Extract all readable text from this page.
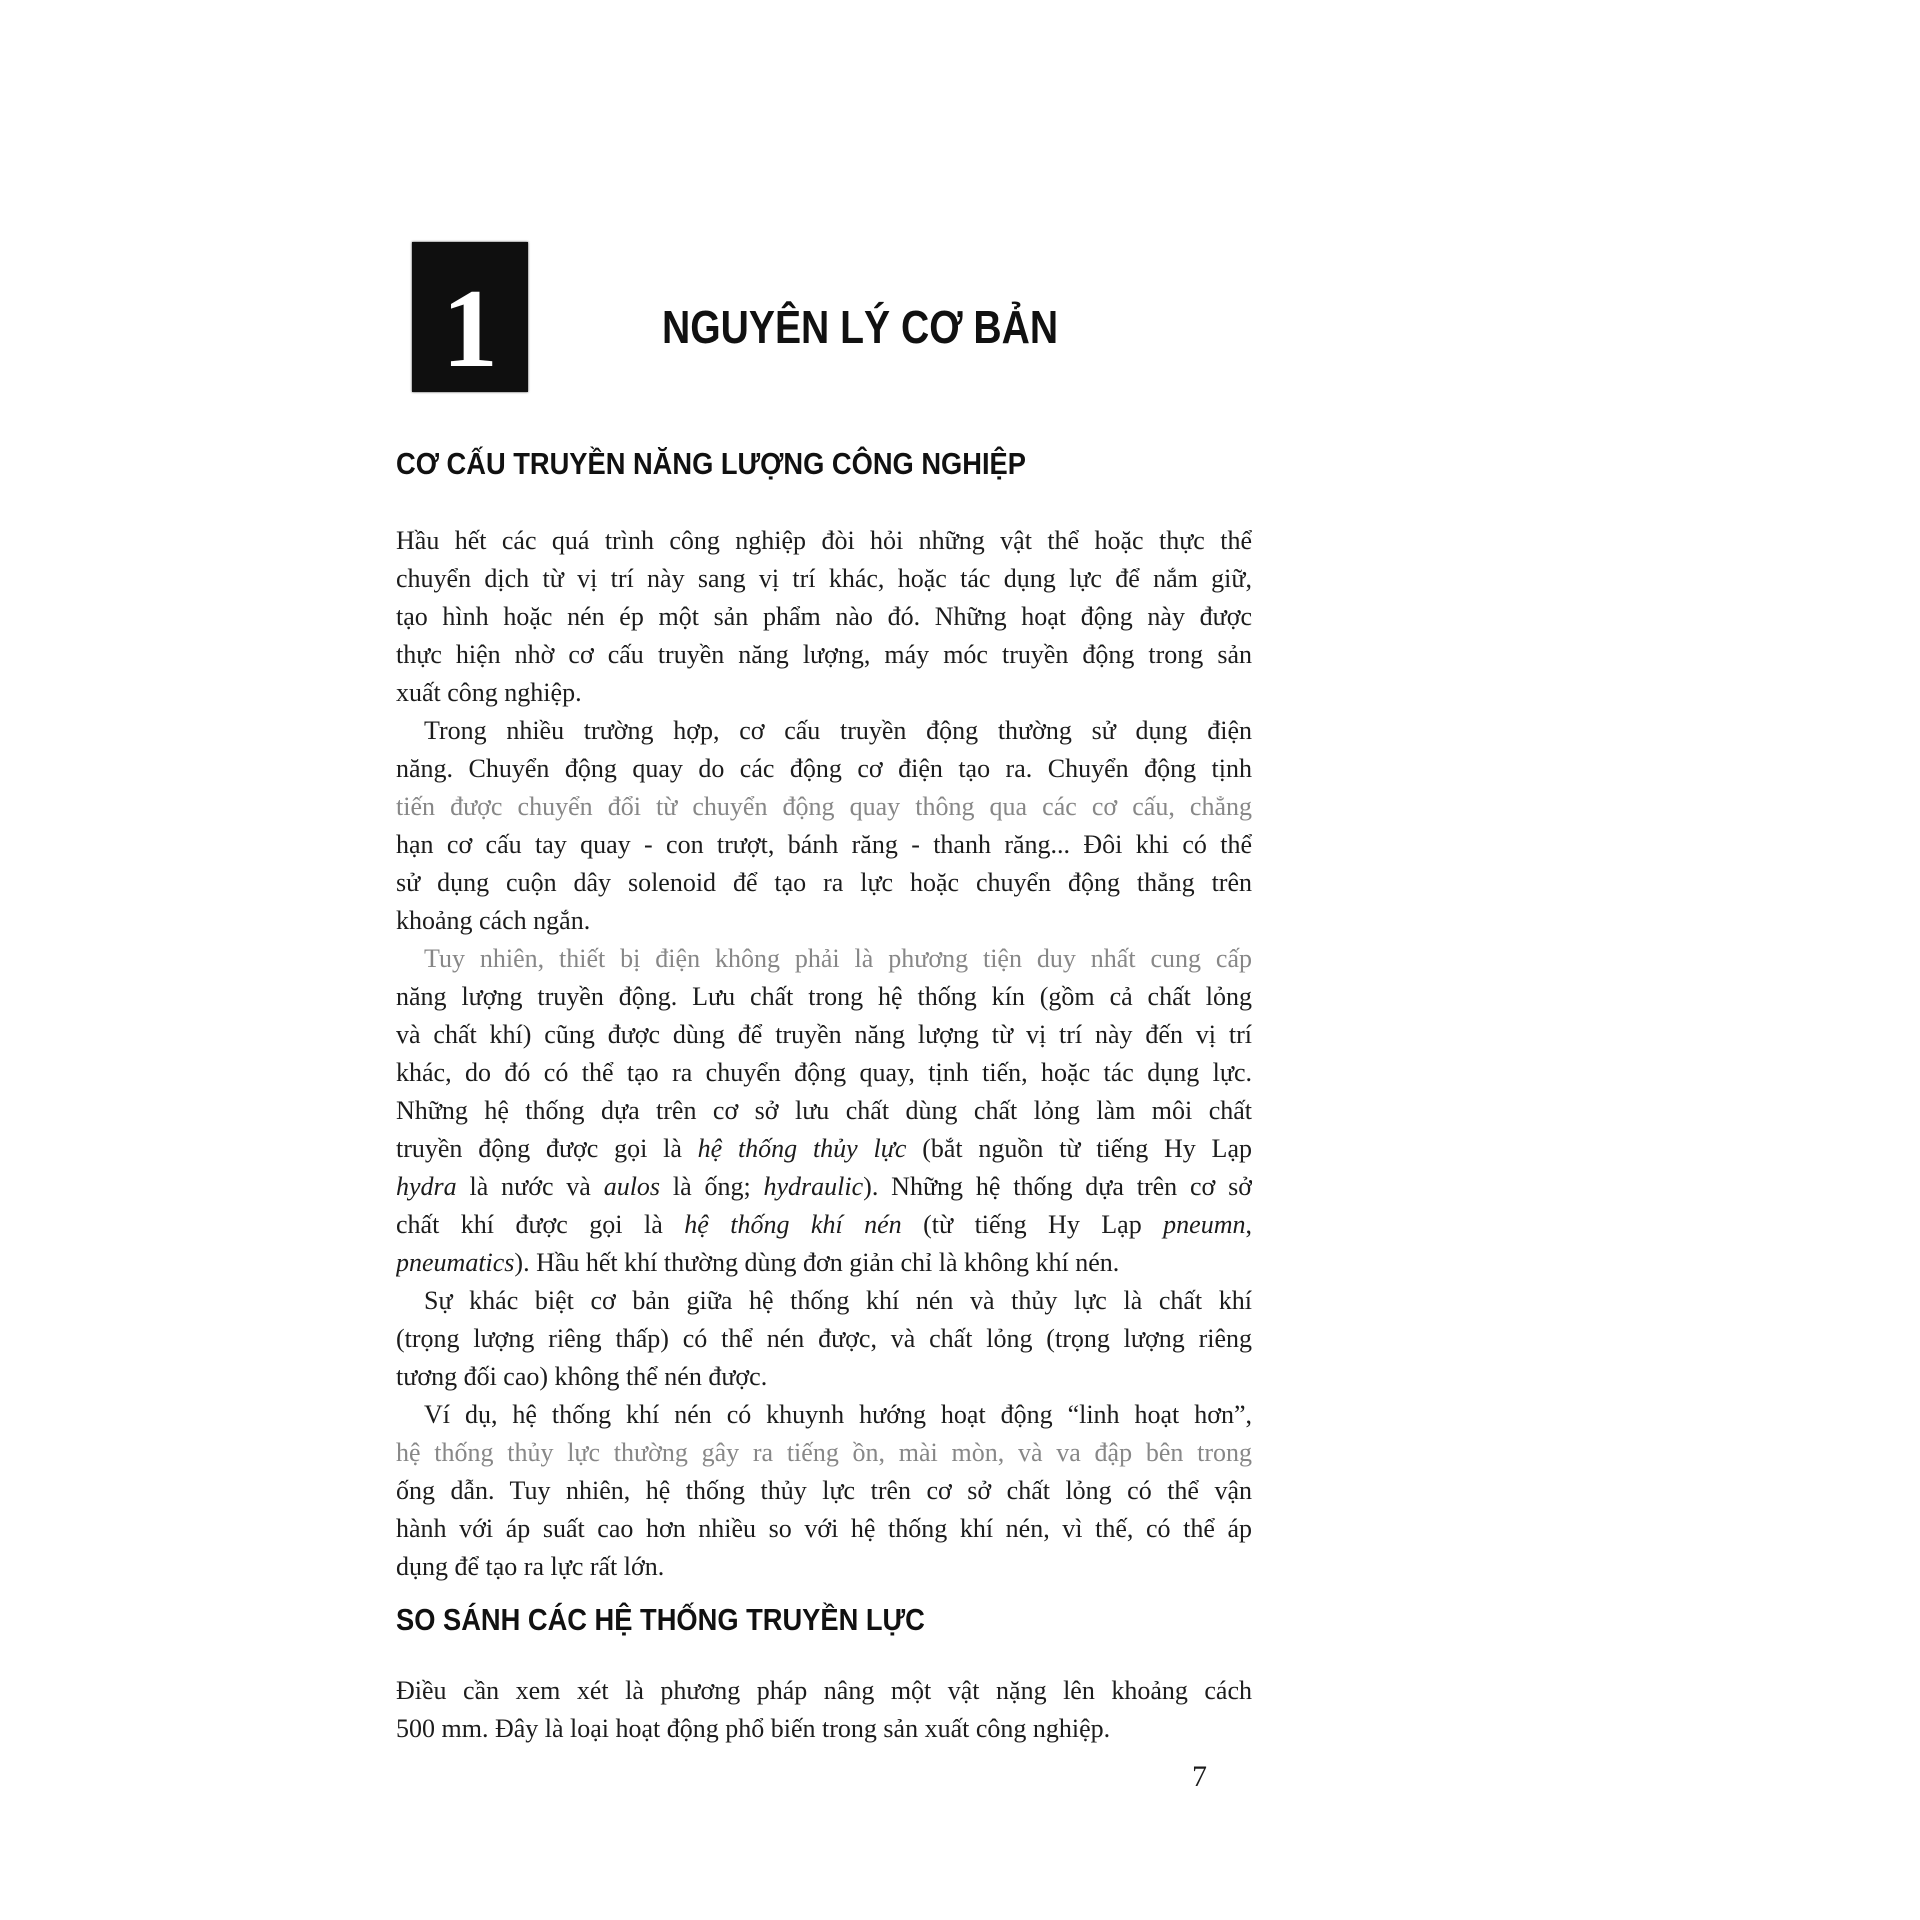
1	NGUYÊN LÝ CƠ BẢN
CƠ CẤU TRUYỀN NĂNG LƯỢNG CÔNG NGHIỆP
Hầu hết các quá trình công nghiệp đòi hỏi những vật thể hoặc thực thể
chuyển dịch từ vị trí này sang vị trí khác, hoặc tác dụng lực để nắm giữ,
tạo hình hoặc nén ép một sản phẩm nào đó. Những hoạt động này được
thực hiện nhờ cơ cấu truyền năng lượng, máy móc truyền động trong sản
xuất công nghiệp.
Trong nhiều trường hợp, cơ cấu truyền động thường sử dụng điện
năng. Chuyển động quay do các động cơ điện tạo ra. Chuyển động tịnh
tiến được chuyển đổi từ chuyển động quay thông qua các cơ cấu, chẳng
hạn cơ cấu tay quay - con trượt, bánh răng - thanh răng... Đôi khi có thể
sử dụng cuộn dây solenoid để tạo ra lực hoặc chuyển động thẳng trên
khoảng cách ngắn.
Tuy nhiên, thiết bị điện không phải là phương tiện duy nhất cung cấp
năng lượng truyền động. Lưu chất trong hệ thống kín (gồm cả chất lỏng
và chất khí) cũng được dùng để truyền năng lượng từ vị trí này đến vị trí
khác, do đó có thể tạo ra chuyển động quay, tịnh tiến, hoặc tác dụng lực.
Những hệ thống dựa trên cơ sở lưu chất dùng chất lỏng làm môi chất
truyền động được gọi là hệ thống thủy lực (bắt nguồn từ tiếng Hy Lạp
hydra là nước và aulos là ống; hydraulic). Những hệ thống dựa trên cơ sở
chất khí được gọi là hệ thống khí nén (từ tiếng Hy Lạp pneumn,
pneumatics). Hầu hết khí thường dùng đơn giản chỉ là không khí nén.
Sự khác biệt cơ bản giữa hệ thống khí nén và thủy lực là chất khí
(trọng lượng riêng thấp) có thể nén được, và chất lỏng (trọng lượng riêng
tương đối cao) không thể nén được.
Ví dụ, hệ thống khí nén có khuynh hướng hoạt động “linh hoạt hơn”,
hệ thống thủy lực thường gây ra tiếng ồn, mài mòn, và va đập bên trong
ống dẫn. Tuy nhiên, hệ thống thủy lực trên cơ sở chất lỏng có thể vận
hành với áp suất cao hơn nhiều so với hệ thống khí nén, vì thế, có thể áp
dụng để tạo ra lực rất lớn.
SO SÁNH CÁC HỆ THỐNG TRUYỀN LỰC
Điều cần xem xét là phương pháp nâng một vật nặng lên khoảng cách
500 mm. Đây là loại hoạt động phổ biến trong sản xuất công nghiệp.
7
